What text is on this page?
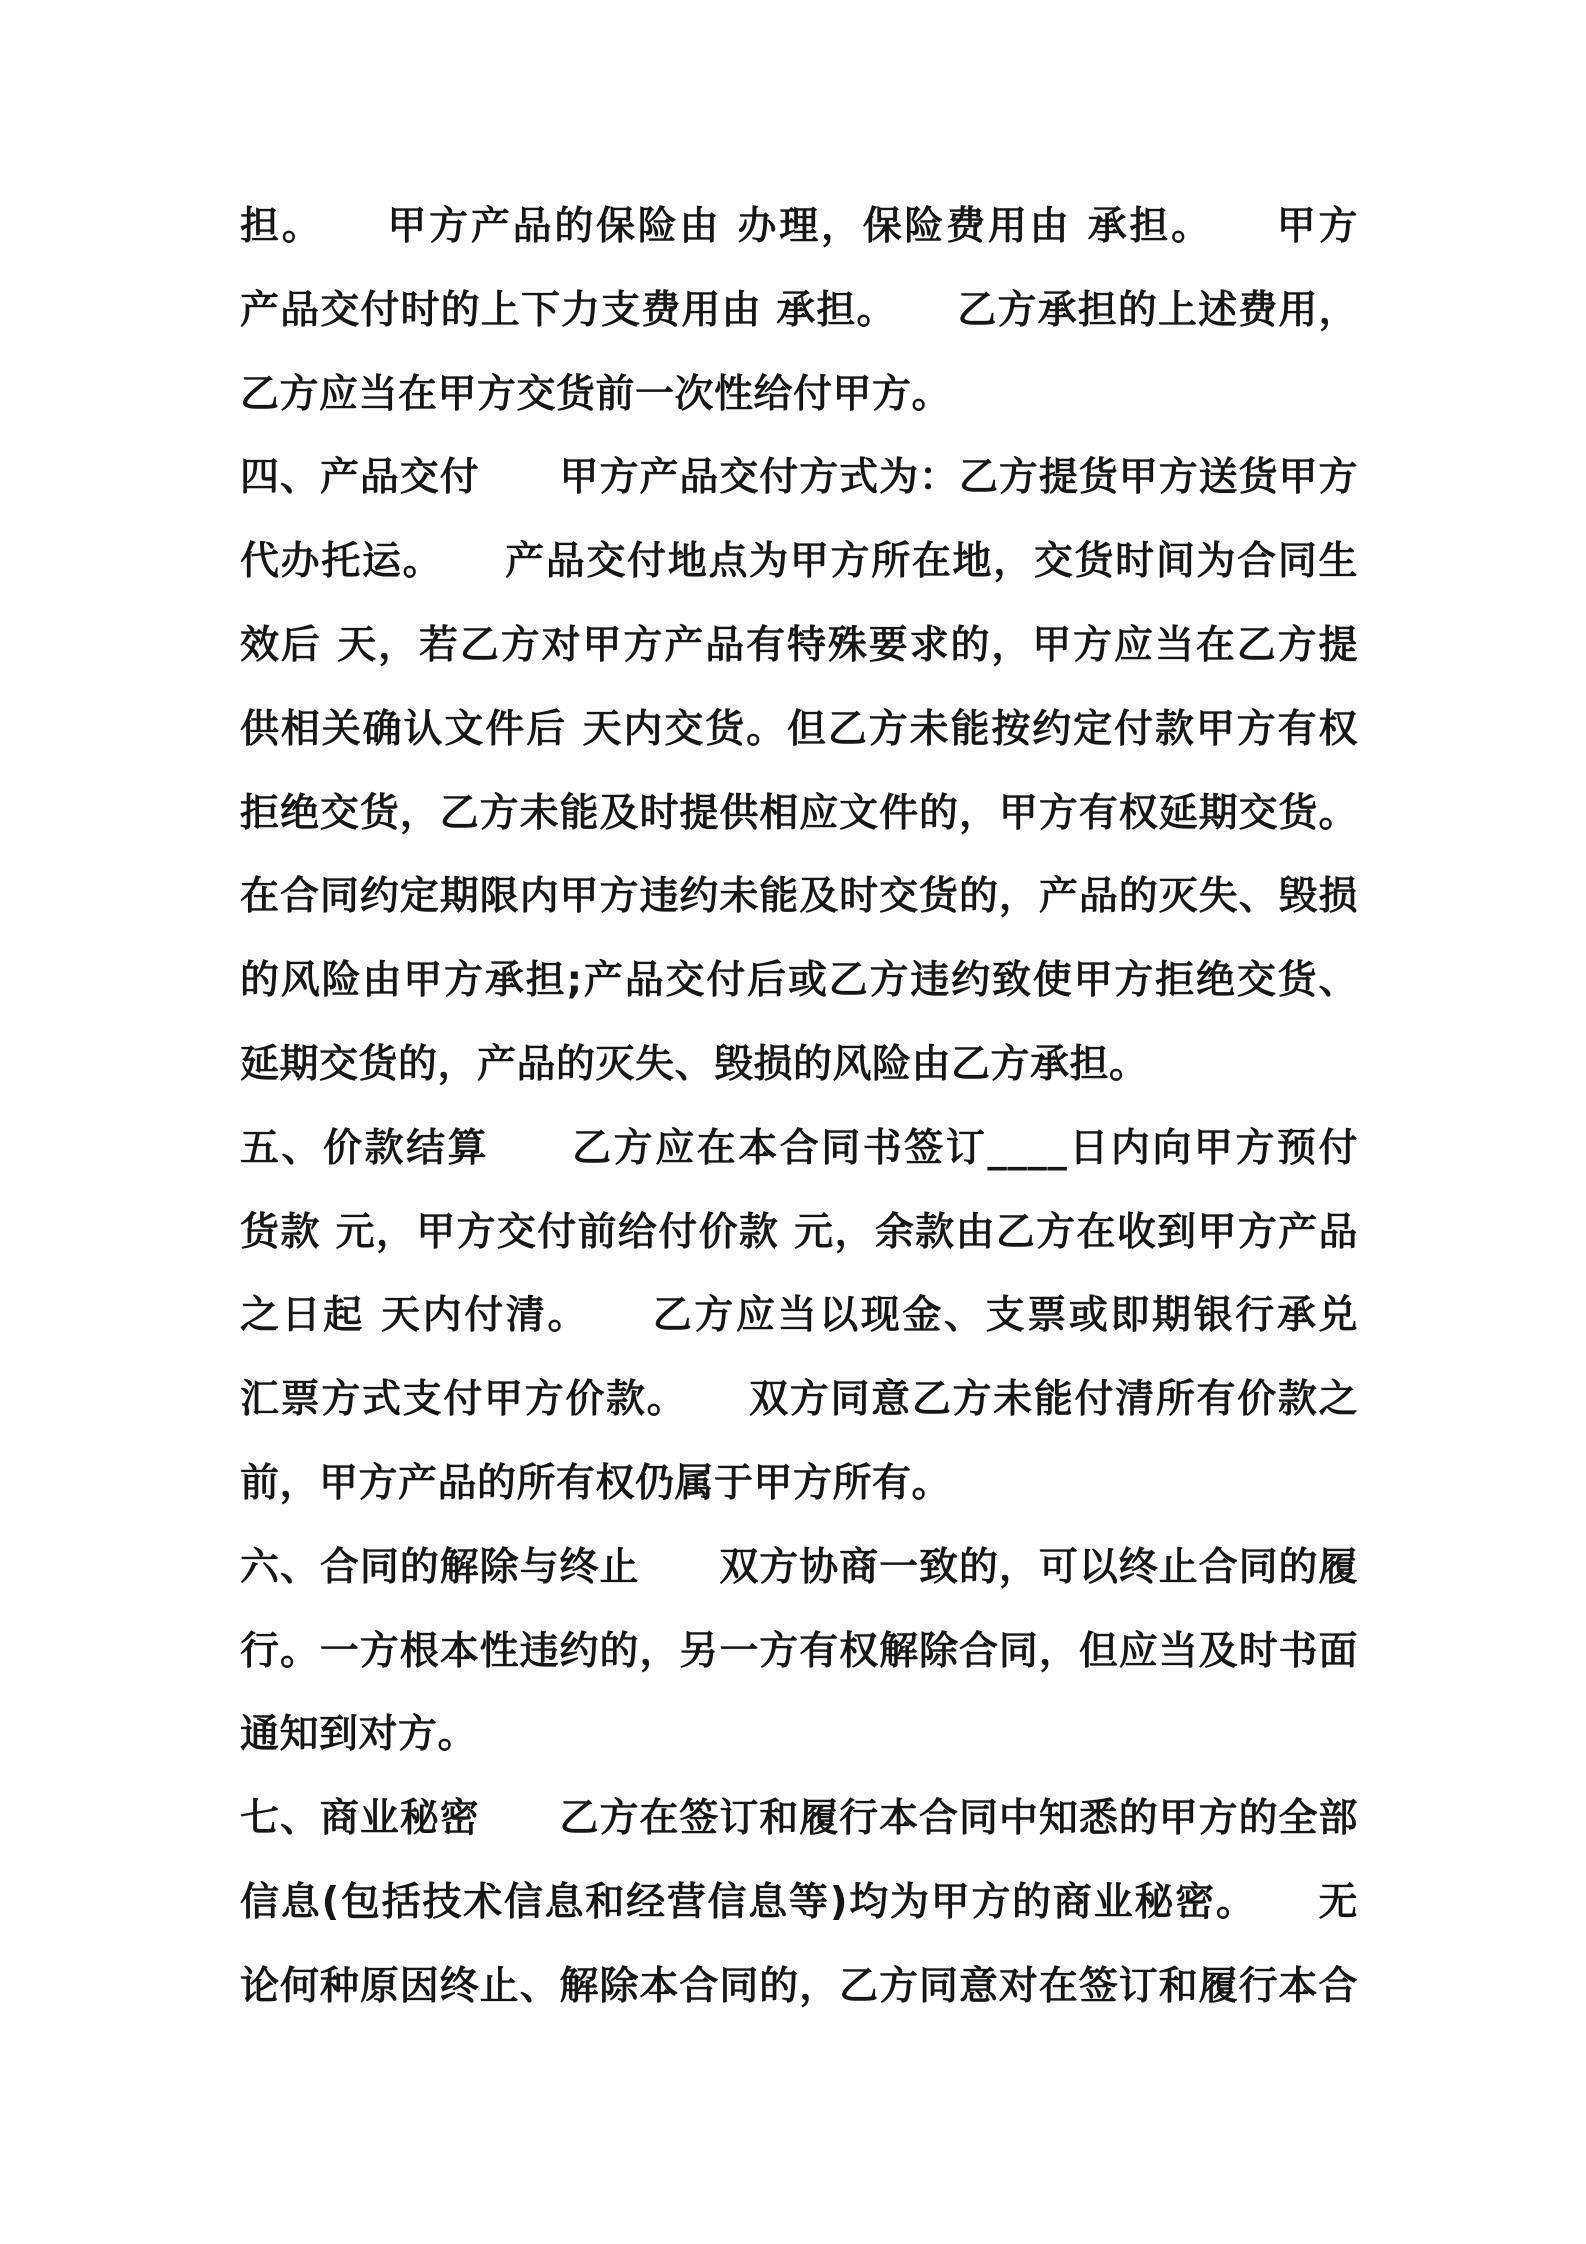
担。　　甲方产品的保险由 办理，保险费用由 承担。　　甲方
产品交付时的上下力支费用由 承担。　　乙方承担的上述费用，
乙方应当在甲方交货前一次性给付甲方。
四、产品交付　　甲方产品交付方式为：乙方提货甲方送货甲方
代办托运。　　产品交付地点为甲方所在地，交货时间为合同生
效后 天，若乙方对甲方产品有特殊要求的，甲方应当在乙方提
供相关确认文件后 天内交货。但乙方未能按约定付款甲方有权
拒绝交货，乙方未能及时提供相应文件的，甲方有权延期交货。
在合同约定期限内甲方违约未能及时交货的，产品的灭失、毁损
的风险由甲方承担;产品交付后或乙方违约致使甲方拒绝交货、
延期交货的，产品的灭失、毁损的风险由乙方承担。
五、价款结算　　乙方应在本合同书签订____日内向甲方预付
货款 元，甲方交付前给付价款 元，余款由乙方在收到甲方产品
之日起 天内付清。　　乙方应当以现金、支票或即期银行承兑
汇票方式支付甲方价款。　　双方同意乙方未能付清所有价款之
前，甲方产品的所有权仍属于甲方所有。
六、合同的解除与终止　　双方协商一致的，可以终止合同的履
行。一方根本性违约的，另一方有权解除合同，但应当及时书面
通知到对方。
七、商业秘密　　乙方在签订和履行本合同中知悉的甲方的全部
信息(包括技术信息和经营信息等)均为甲方的商业秘密。　　无
论何种原因终止、解除本合同的，乙方同意对在签订和履行本合
